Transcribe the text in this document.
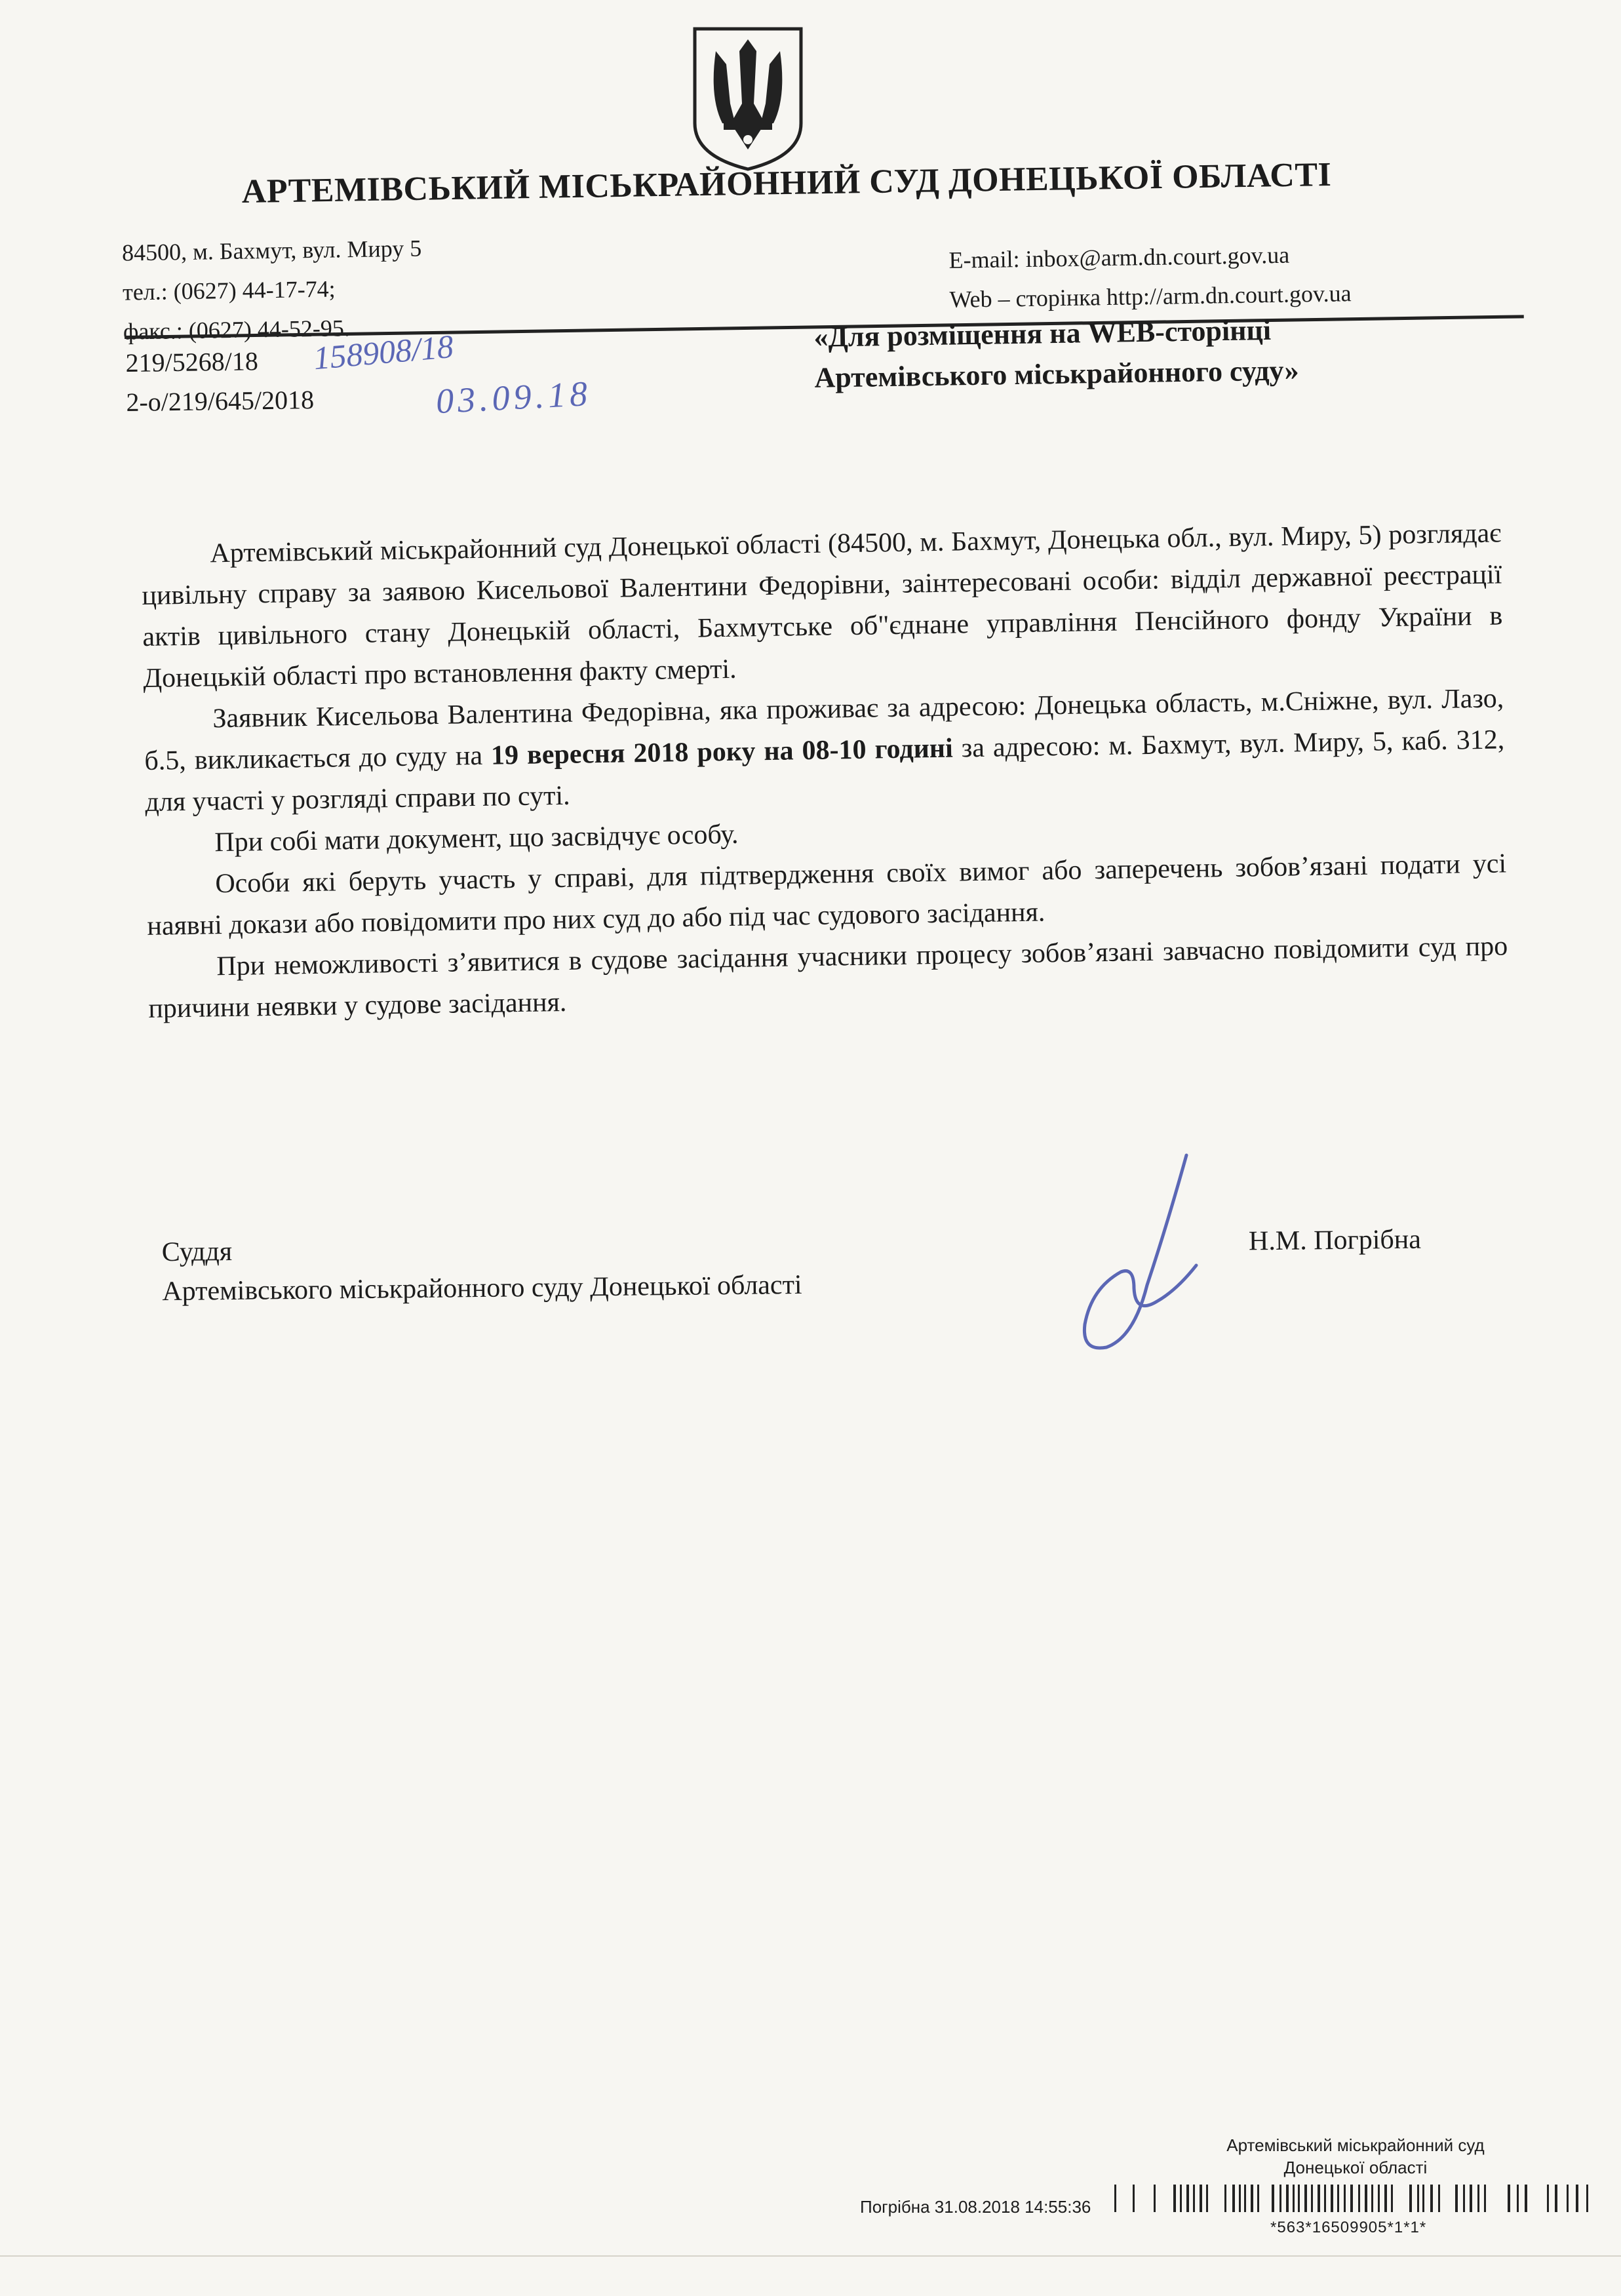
АРТЕМІВСЬКИЙ МІСЬКРАЙОННИЙ СУД ДОНЕЦЬКОЇ ОБЛАСТІ
84500, м. Бахмут, вул. Миру 5
тел.: (0627) 44-17-74;
факс.: (0627) 44-52-95.
E-mail: inbox@arm.dn.court.gov.ua
Web – сторінка http://arm.dn.court.gov.ua
219/5268/18
2-о/219/645/2018
158908/18
03.09.18
«Для розміщення на WEB-сторінці
Артемівського міськрайонного суду»

Артемівський міськрайонний суд Донецької області (84500, м. Бахмут, Донецька обл., вул. Миру, 5) розглядає цивільну справу за заявою Кисельової Валентини Федорівни, заінтересовані особи: відділ державної реєстрації актів цивільного стану Донецькій області, Бахмутське об"єднане управління Пенсійного фонду України в Донецькій області про встановлення факту смерті.

Заявник Кисельова Валентина Федорівна, яка проживає за адресою: Донецька область, м.Сніжне, вул. Лазо, б.5, викликається до суду на 19 вересня 2018 року на 08-10 годині за адресою: м. Бахмут, вул. Миру, 5, каб. 312, для участі у розгляді справи по суті.

При собі мати документ, що засвідчує особу.

Особи які беруть участь у справі, для підтвердження своїх вимог або заперечень зобов’язані подати усі наявні докази або повідомити про них суд до або під час судового засідання.

При неможливості з’явитися в судове засідання учасники процесу зобов’язані завчасно повідомити суд про причини неявки у судове засідання.

Суддя
Артемівського міськрайонного суду Донецької області
Н.М. Погрібна
Артемівський міськрайонний суд
Донецької області
Погрібна 31.08.2018 14:55:36
*563*16509905*1*1*
